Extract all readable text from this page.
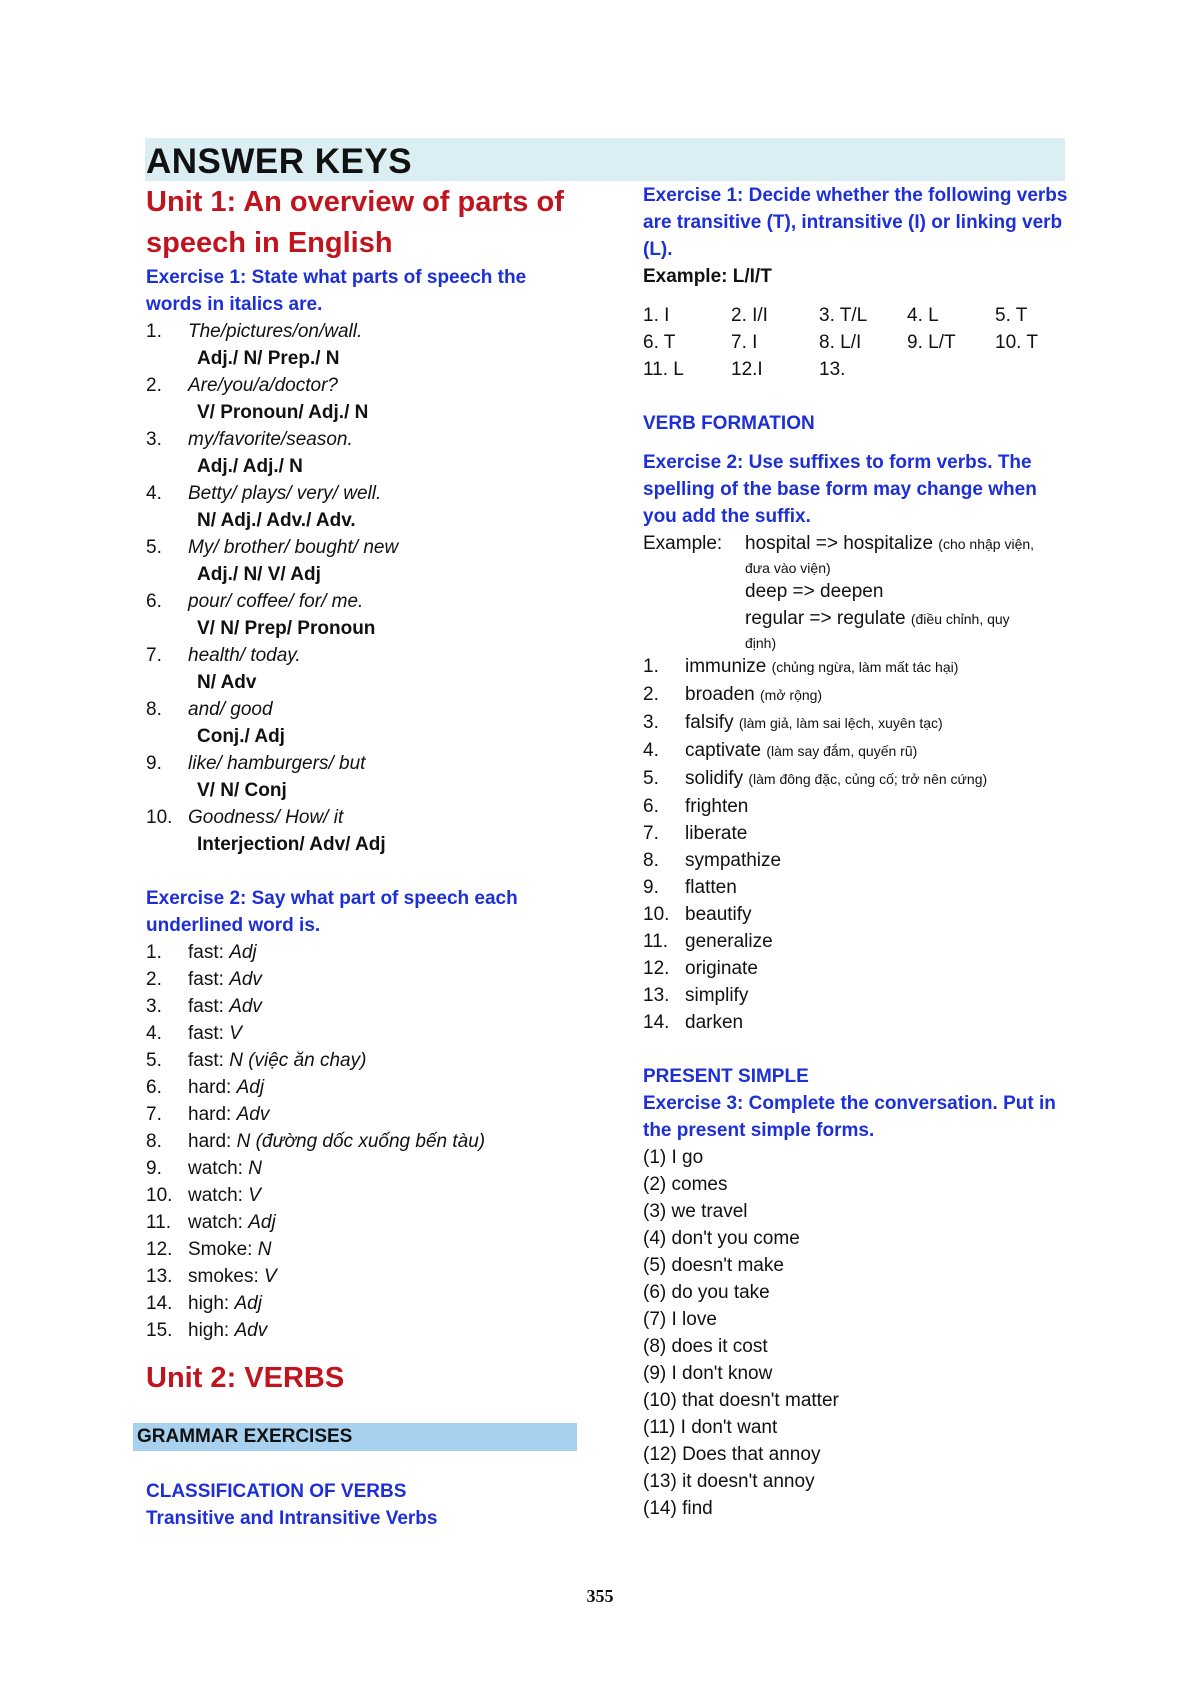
ANSWER KEYS
Unit 1: An overview of parts of speech in English
Exercise 1: State what parts of speech the words in italics are.
1.	The/pictures/on/wall.
Adj./ N/ Prep./ N
2.	Are/you/a/doctor?
V/ Pronoun/ Adj./ N
3.	my/favorite/season.
Adj./ Adj./ N
4.	Betty/ plays/ very/ well.
N/ Adj./ Adv./ Adv.
5.	My/ brother/ bought/ new
Adj./ N/ V/ Adj
6.	pour/ coffee/ for/ me.
V/ N/ Prep/ Pronoun
7.	health/ today.
N/ Adv
8.	and/ good
Conj./ Adj
9.	like/ hamburgers/ but
V/ N/ Conj
10. Goodness/ How/ it
Interjection/ Adv/ Adj
Exercise 2: Say what part of speech each underlined word is.
1.	fast:
Adj
2.	fast:
Adv
3.	fast:
Adv
4.	fast:
V
5.	fast:
N (việc ăn chay)
6.	hard:
Adj
7.	hard:
Adv
8.	hard:
N (đường dốc xuống bến tàu)
9.	watch:
N
10. watch:
V
11. watch:
Adj
12. Smoke:
N
13. smokes:
V
14. high:
Adj
15. high:
Adv
Unit 2: VERBS
GRAMMAR EXERCISES
CLASSIFICATION OF VERBS
Transitive and Intransitive Verbs
Exercise 1: Decide whether the following verbs are transitive (T), intransitive (I) or linking verb (L).
Example: L/I/T
1. I	2. I/I	3. T/L	4. L	5. T
6. T	7. I	8. L/I	9. L/T	10. T
11. L	12.I	13.
VERB FORMATION
Exercise 2: Use suffixes to form verbs. The spelling of the base form may change when you add the suffix.
Example:	hospital => hospitalize (cho nhập viện,
đưa vào viện)
deep => deepen
regular => regulate (điều chỉnh, quy
định)
1.	immunize (chủng ngừa, làm mất tác hại)
2.	broaden (mở rộng)
3.	falsify (làm giả, làm sai lệch, xuyên tạc)
4.	captivate (làm say đắm, quyến rũ)
5.	solidify (làm đông đặc, củng cố; trở nên cứng)
6.	frighten
7.	liberate
8.	sympathize
9.	flatten
10. beautify
11. generalize
12. originate
13. simplify
14. darken
PRESENT SIMPLE
Exercise 3: Complete the conversation. Put in the present simple forms.
(1) I go
(2) comes
(3) we travel
(4) don't you come
(5) doesn't make
(6) do you take
(7) I love
(8) does it cost
(9) I don't know
(10) that doesn't matter
(11) I don't want
(12) Does that annoy
(13) it doesn't annoy
(14) find
355
